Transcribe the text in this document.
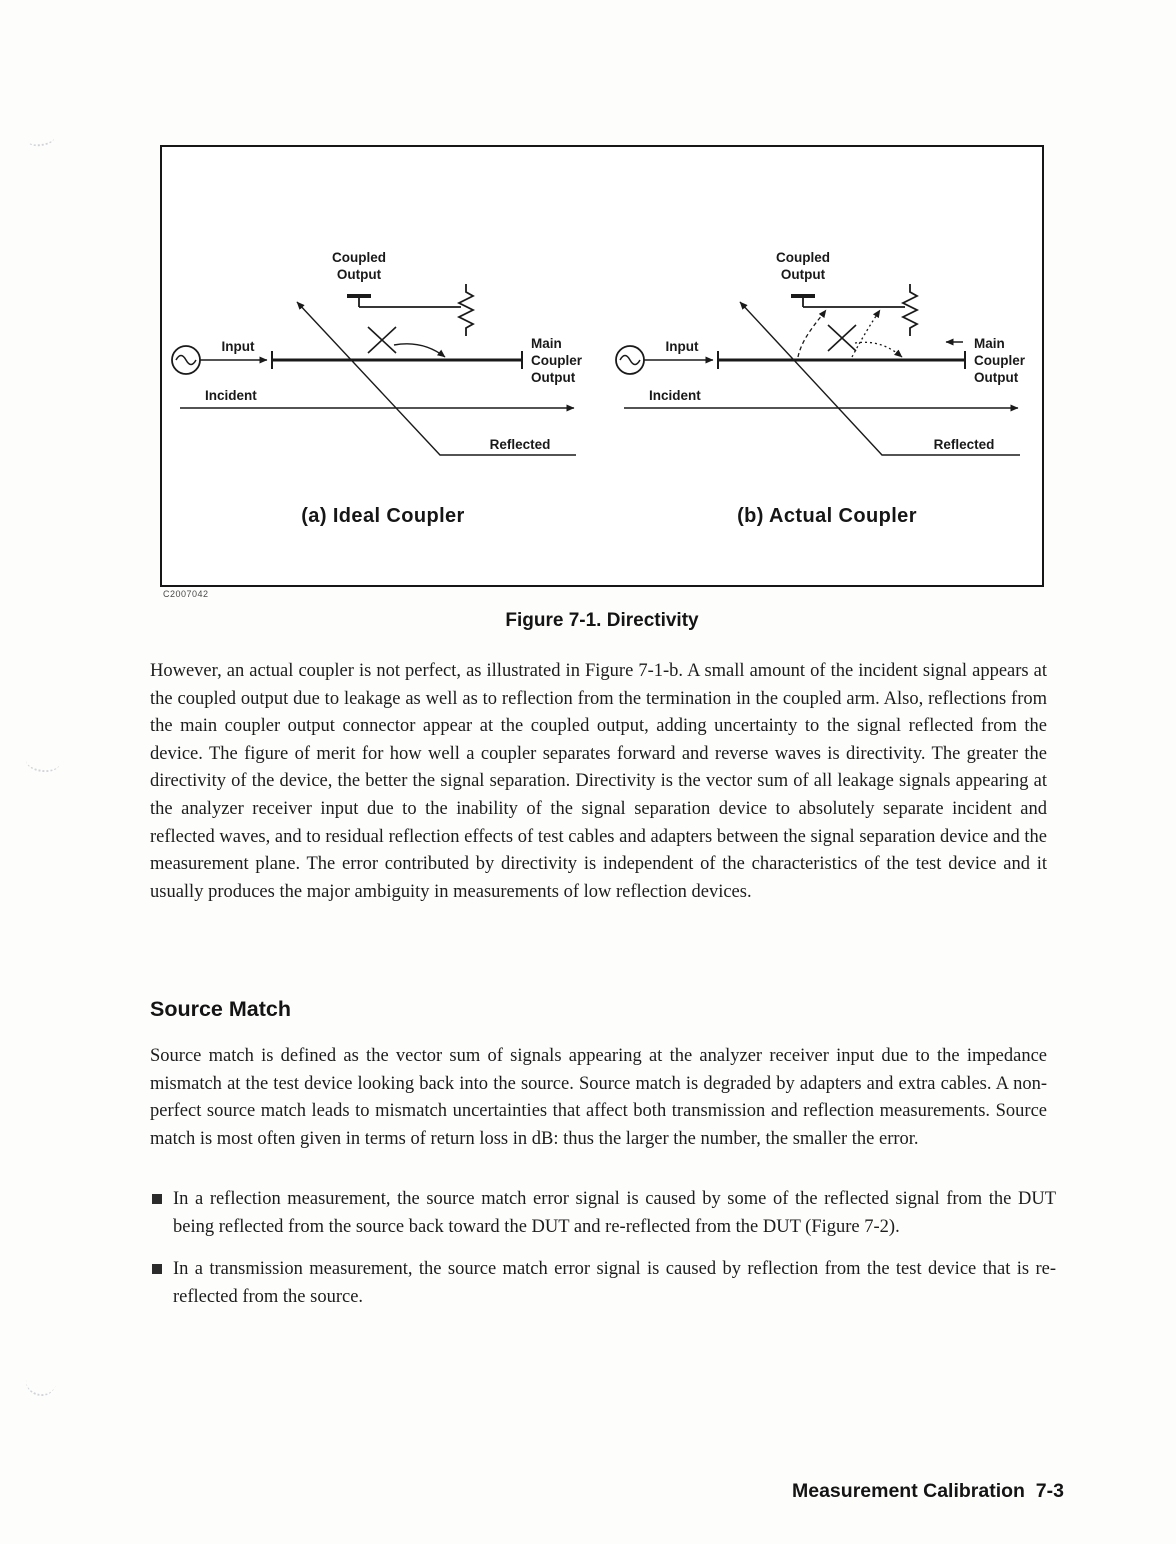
Coupled
Output
Input	Main
Coupler
Output
Incident
Reflected
(a) Ideal Coupler
Coupled
Output
Input	Main
Coupler
Output
Incident
Reflected
(b) Actual Coupler
C2007042
Figure 7-1. Directivity

However, an actual coupler is not perfect, as illustrated in Figure 7-1-b. A small amount of the incident signal appears at the coupled output due to leakage as well as to reflection from the termination in the coupled arm. Also, reflections from the main coupler output connector appear at the coupled output, adding uncertainty to the signal reflected from the device. The figure of merit for how well a coupler separates forward and reverse waves is directivity. The greater the directivity of the device, the better the signal separation. Directivity is the vector sum of all leakage signals appearing at the analyzer receiver input due to the inability of the signal separation device to absolutely separate incident and reflected waves, and to residual reflection effects of test cables and adapters between the signal separation device and the measurement plane. The error contributed by directivity is independent of the characteristics of the test device and it usually produces the major ambiguity in measurements of low reflection devices.

Source Match

Source match is defined as the vector sum of signals appearing at the analyzer receiver input due to the impedance mismatch at the test device looking back into the source. Source match is degraded by adapters and extra cables. A non-perfect source match leads to mismatch uncertainties that affect both transmission and reflection measurements. Source match is most often given in terms of return loss in dB: thus the larger the number, the smaller the error.

In a reflection measurement, the source match error signal is caused by some of the reflected signal from the DUT being reflected from the source back toward the DUT and re-reflected from the DUT (Figure 7-2).
In a transmission measurement, the source match error signal is caused by reflection from the test device that is re-reflected from the source.
Measurement Calibration  7-3
